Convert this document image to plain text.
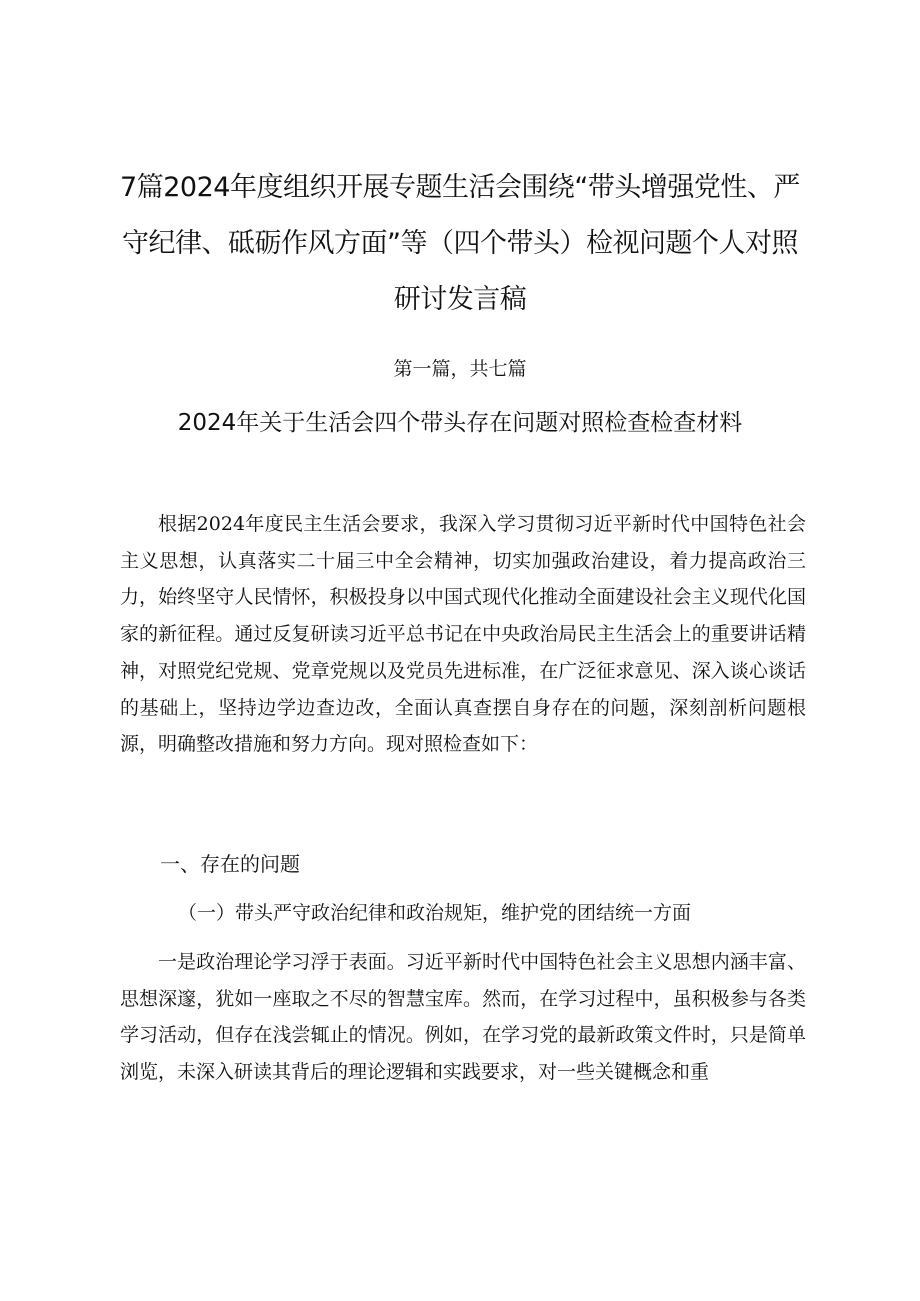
7篇2024年度组织开展专题生活会围绕“带头增强党性、严守纪律、砥砺作风方面”等（四个带头）检视问题个人对照研讨发言稿
第一篇，共七篇
2024年关于生活会四个带头存在问题对照检查检查材料

根据2024年度民主生活会要求，我深入学习贯彻习近平新时代中国特色社会主义思想，认真落实二十届三中全会精神，切实加强政治建设，着力提高政治三力，始终坚守人民情怀，积极投身以中国式现代化推动全面建设社会主义现代化国家的新征程。通过反复研读习近平总书记在中央政治局民主生活会上的重要讲话精神，对照党纪党规、党章党规以及党员先进标准，在广泛征求意见、深入谈心谈话的基础上，坚持边学边查边改，全面认真查摆自身存在的问题，深刻剖析问题根源，明确整改措施和努力方向。现对照检查如下：

一、存在的问题
（一）带头严守政治纪律和政治规矩，维护党的团结统一方面

一是政治理论学习浮于表面。习近平新时代中国特色社会主义思想内涵丰富、思想深邃，犹如一座取之不尽的智慧宝库。然而，在学习过程中，虽积极参与各类学习活动，但存在浅尝辄止的情况。例如，在学习党的最新政策文件时，只是简单浏览，未深入研读其背后的理论逻辑和实践要求，对一些关键概念和重
